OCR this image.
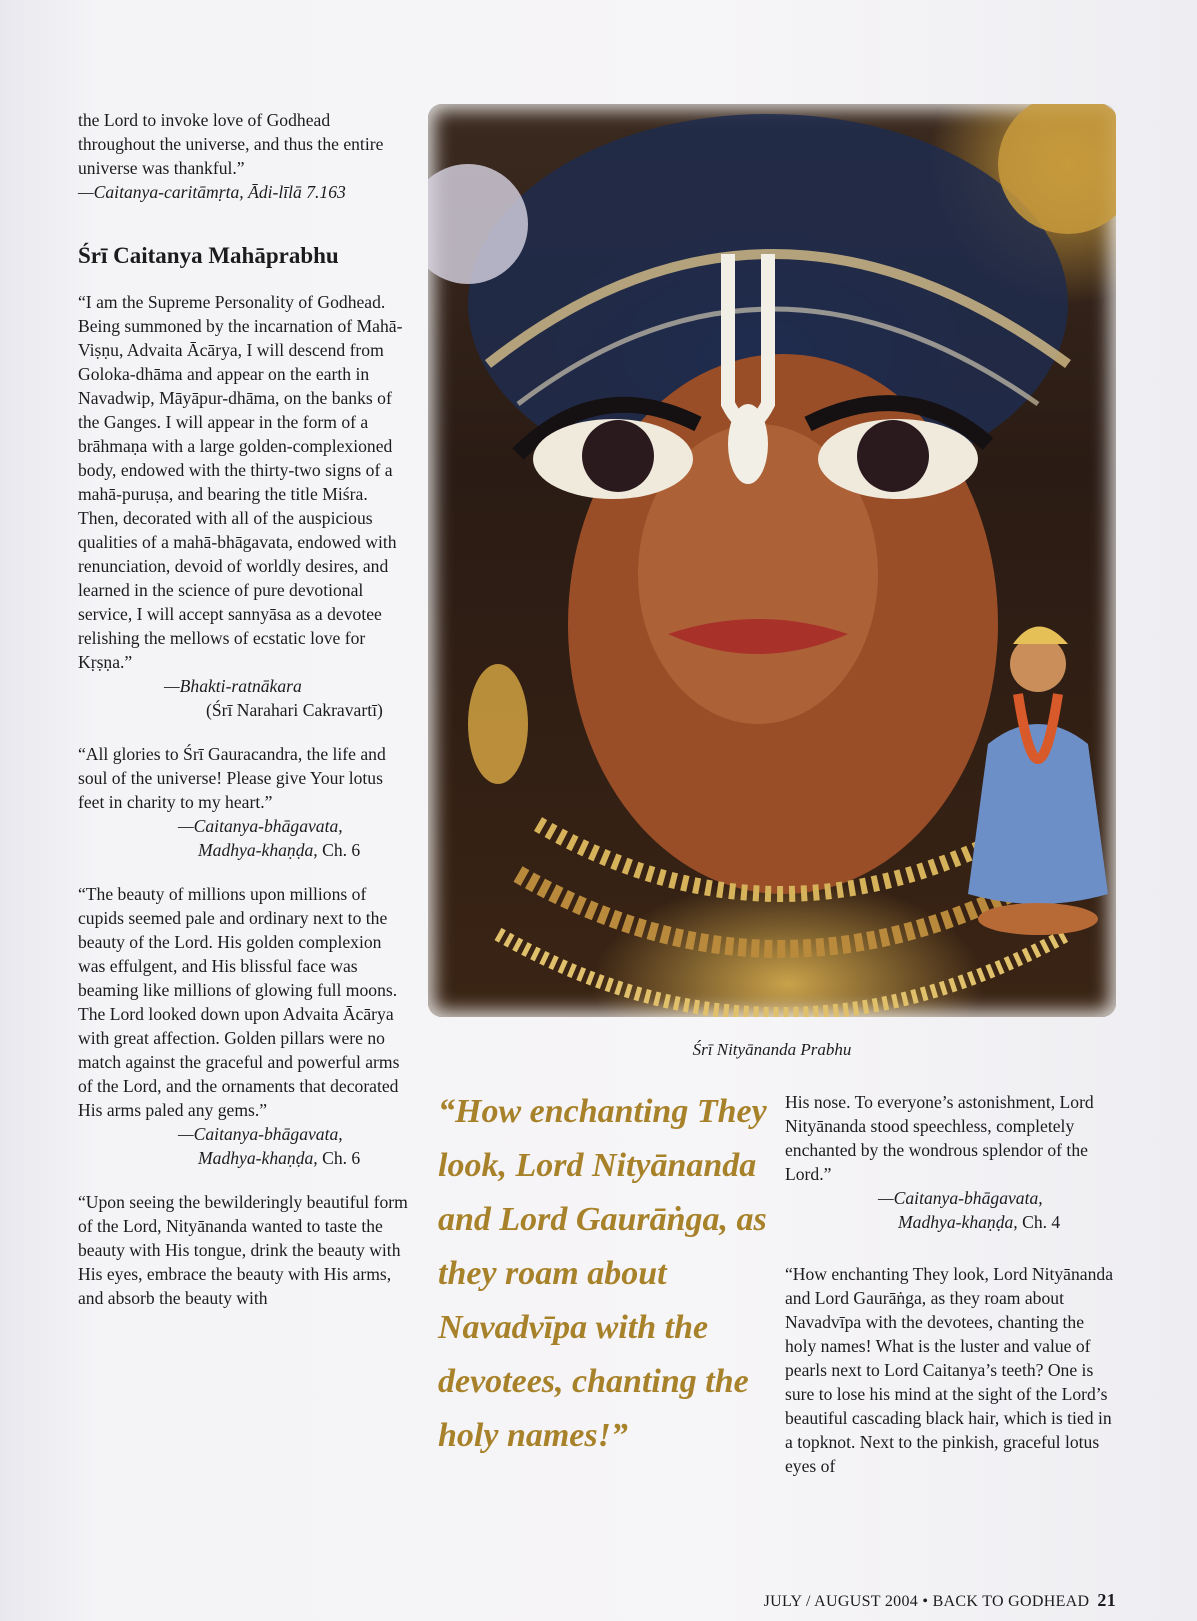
the Lord to invoke love of Godhead throughout the universe, and thus the entire universe was thankful.”

—Caitanya-caritāmṛta, Ādi-līlā 7.163

Śrī Caitanya Mahāprabhu

“I am the Supreme Personality of Godhead. Being summoned by the incarnation of Mahā-Viṣṇu, Advaita Ācārya, I will descend from Goloka-dhāma and appear on the earth in Navadwip, Māyāpur-dhāma, on the banks of the Ganges. I will appear in the form of a brāhmaṇa with a large golden-complexioned body, endowed with the thirty-two signs of a mahā-puruṣa, and bearing the title Miśra. Then, decorated with all of the auspicious qualities of a mahā-bhāgavata, endowed with renunciation, devoid of worldly desires, and learned in the science of pure devotional service, I will accept sannyāsa as a devotee relishing the mellows of ecstatic love for Kṛṣṇa.”

—Bhakti-ratnākara

(Śrī Narahari Cakravartī)

“All glories to Śrī Gauracandra, the life and soul of the universe! Please give Your lotus feet in charity to my heart.”

—Caitanya-bhāgavata,

Madhya-khaṇḍa, Ch. 6

“The beauty of millions upon millions of cupids seemed pale and ordinary next to the beauty of the Lord. His golden complexion was effulgent, and His blissful face was beaming like millions of glowing full moons. The Lord looked down upon Advaita Ācārya with great affection. Golden pillars were no match against the graceful and powerful arms of the Lord, and the ornaments that decorated His arms paled any gems.”

—Caitanya-bhāgavata,

Madhya-khaṇḍa, Ch. 6

“Upon seeing the bewilderingly beautiful form of the Lord, Nityānanda wanted to taste the beauty with His tongue, drink the beauty with His eyes, embrace the beauty with His arms, and absorb the beauty with

Śrī Nityānanda Prabhu
“How enchanting They look, Lord Nityānanda and Lord Gaurāṅga, as they roam about Navadvīpa with the devotees, chanting the holy names!”

His nose. To everyone’s astonishment, Lord Nityānanda stood speechless, completely enchanted by the wondrous splendor of the Lord.”

—Caitanya-bhāgavata,

Madhya-khaṇḍa, Ch. 4

“How enchanting They look, Lord Nityānanda and Lord Gaurāṅga, as they roam about Navadvīpa with the devotees, chanting the holy names! What is the luster and value of pearls next to Lord Caitanya’s teeth? One is sure to lose his mind at the sight of the Lord’s beautiful cascading black hair, which is tied in a topknot. Next to the pinkish, graceful lotus eyes of

JULY / AUGUST 2004 • BACK TO GODHEAD 21
